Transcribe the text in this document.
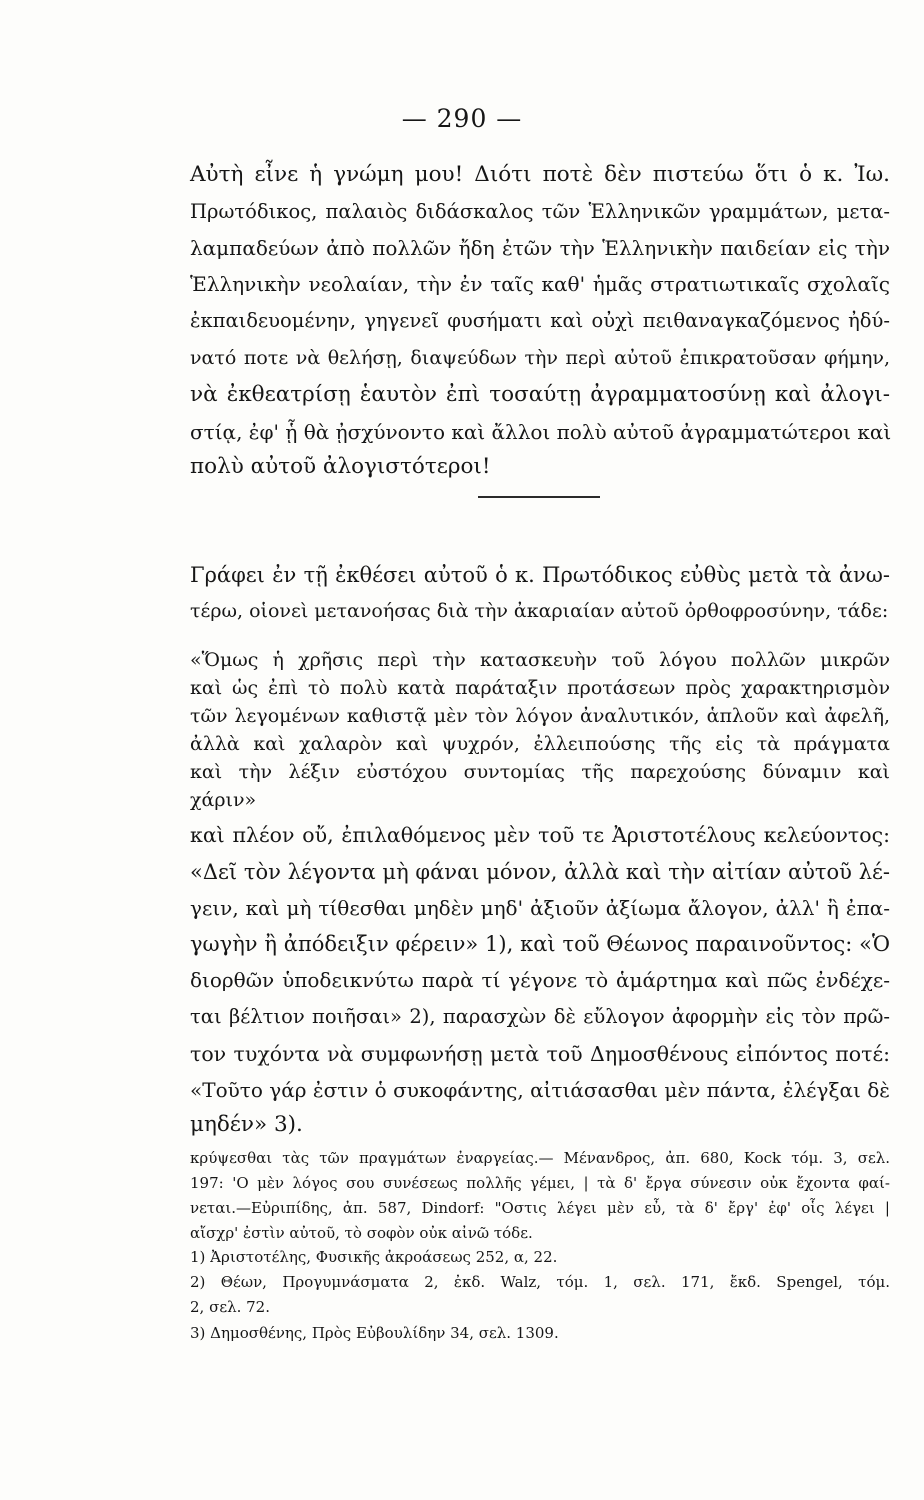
— 290 —
Αὐτὴ εἶνε ἡ γνώμη μου! Διότι ποτὲ δὲν πιστεύω ὅτι ὁ κ. Ἰω.
Πρωτόδικος, παλαιὸς διδάσκαλος τῶν Ἑλληνικῶν γραμμάτων, μετα-
λαμπαδεύων ἀπὸ πολλῶν ἤδη ἐτῶν τὴν Ἑλληνικὴν παιδείαν εἰς τὴν
Ἑλληνικὴν νεολαίαν, τὴν ἐν ταῖς καθ' ἡμᾶς στρατιωτικαῖς σχολαῖς
ἐκπαιδευομένην, γηγενεῖ φυσήματι καὶ οὐχὶ πειθαναγκαζόμενος ἠδύ-
νατό ποτε νὰ θελήσῃ, διαψεύδων τὴν περὶ αὐτοῦ ἐπικρατοῦσαν φήμην,
νὰ ἐκθεατρίσῃ ἑαυτὸν ἐπὶ τοσαύτῃ ἀγραμματοσύνῃ καὶ ἀλογι-
στίᾳ, ἐφ' ᾗ θὰ ᾐσχύνοντο καὶ ἄλλοι πολὺ αὐτοῦ ἀγραμματώτεροι καὶ
πολὺ αὐτοῦ ἀλογιστότεροι!
Γράφει ἐν τῇ ἐκθέσει αὐτοῦ ὁ κ. Πρωτόδικος εὐθὺς μετὰ τὰ ἀνω-
τέρω, οἱονεὶ μετανοήσας διὰ τὴν ἀκαριαίαν αὐτοῦ ὀρθοφροσύνην, τάδε:
«Ὅμως ἡ χρῆσις περὶ τὴν κατασκευὴν τοῦ λόγου πολλῶν μικρῶν
καὶ ὡς ἐπὶ τὸ πολὺ κατὰ παράταξιν προτάσεων πρὸς χαρακτηρισμὸν
τῶν λεγομένων καθιστᾷ μὲν τὸν λόγον ἀναλυτικόν, ἁπλοῦν καὶ ἀφελῆ,
ἀλλὰ καὶ χαλαρὸν καὶ ψυχρόν, ἐλλειπούσης τῆς εἰς τὰ πράγματα
καὶ τὴν λέξιν εὐστόχου συντομίας τῆς παρεχούσης δύναμιν καὶ
χάριν»
καὶ πλέον οὔ, ἐπιλαθόμενος μὲν τοῦ τε Ἀριστοτέλους κελεύοντος:
«Δεῖ τὸν λέγοντα μὴ φάναι μόνον, ἀλλὰ καὶ τὴν αἰτίαν αὐτοῦ λέ-
γειν, καὶ μὴ τίθεσθαι μηδὲν μηδ' ἀξιοῦν ἀξίωμα ἄλογον, ἀλλ' ἢ ἐπα-
γωγὴν ἢ ἀπόδειξιν φέρειν» 1), καὶ τοῦ Θέωνος παραινοῦντος: «Ὁ
διορθῶν ὑποδεικνύτω παρὰ τί γέγονε τὸ ἁμάρτημα καὶ πῶς ἐνδέχε-
ται βέλτιον ποιῆσαι» 2), παρασχὼν δὲ εὔλογον ἀφορμὴν εἰς τὸν πρῶ-
τον τυχόντα νὰ συμφωνήσῃ μετὰ τοῦ Δημοσθένους εἰπόντος ποτέ:
«Τοῦτο γάρ ἐστιν ὁ συκοφάντης, αἰτιάσασθαι μὲν πάντα, ἐλέγξαι δὲ
μηδέν» 3).
κρύψεσθαι τὰς τῶν πραγμάτων ἐναργείας.— Μένανδρος, ἀπ. 680, Kock τόμ. 3, σελ.
197: 'Ο μὲν λόγος σου συνέσεως πολλῆς γέμει, | τὰ δ' ἔργα σύνεσιν οὐκ ἔχοντα φαί-
νεται.—Εὐριπίδης, ἀπ. 587, Dindorf: "Οστις λέγει μὲν εὖ, τὰ δ' ἔργ' ἐφ' οἷς λέγει |
αἴσχρ' ἐστὶν αὐτοῦ, τὸ σοφὸν οὐκ αἰνῶ τόδε.
1) Ἀριστοτέλης, Φυσικῆς ἀκροάσεως 252, α, 22.
2) Θέων, Προγυμνάσματα 2, ἐκδ. Walz, τόμ. 1, σελ. 171, ἔκδ. Spengel, τόμ.
2, σελ. 72.
3) Δημοσθένης, Πρὸς Εὐβουλίδην 34, σελ. 1309.
